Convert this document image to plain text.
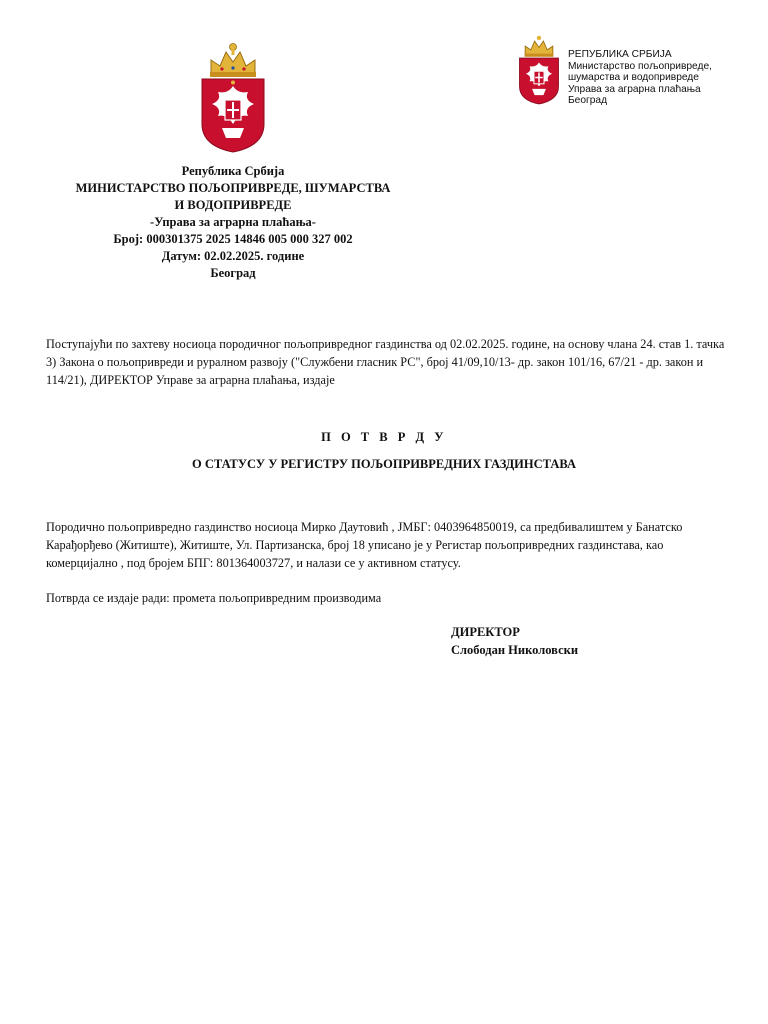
РЕПУБЛИКА СРБИЈА
Министарство пољопривреде,
шумарства и водопривреде
Управа за аграрна плаћања
Београд
Република Србија
МИНИСТАРСТВО ПОЉОПРИВРЕДЕ, ШУМАРСТВА
И ВОДОПРИВРЕДЕ
-Управа за аграрна плаћања-
Број: 000301375 2025 14846 005 000 327 002
Датум: 02.02.2025. године
Београд
Поступајући по захтеву носиоца породичног пољопривредног газдинства од 02.02.2025. године, на основу члана 24. став 1. тачка 3) Закона о пољопривреди и руралном развоју ("Службени гласник РС", број 41/09,10/13- др. закон 101/16, 67/21 - др. закон и 114/21), ДИРЕКТОР Управе за аграрна плаћања, издаје
П О Т В Р Д У
О СТАТУСУ У РЕГИСТРУ ПОЉОПРИВРЕДНИХ ГАЗДИНСТАВА
Породично пољопривредно газдинство носиоца Мирко Даутовић , ЈМБГ: 0403964850019, са предбивалиштем у Банатско Карађорђево (Житиште), Житиште, Ул. Партизанска, број 18 уписано је у Регистар пољопривредних газдинстава, као комерцијално , под бројем БПГ: 801364003727, и налази се у активном статусу.
Потврда се издаје ради: промета пољопривредним производима
ДИРЕКТОР
Слободан Николовски
